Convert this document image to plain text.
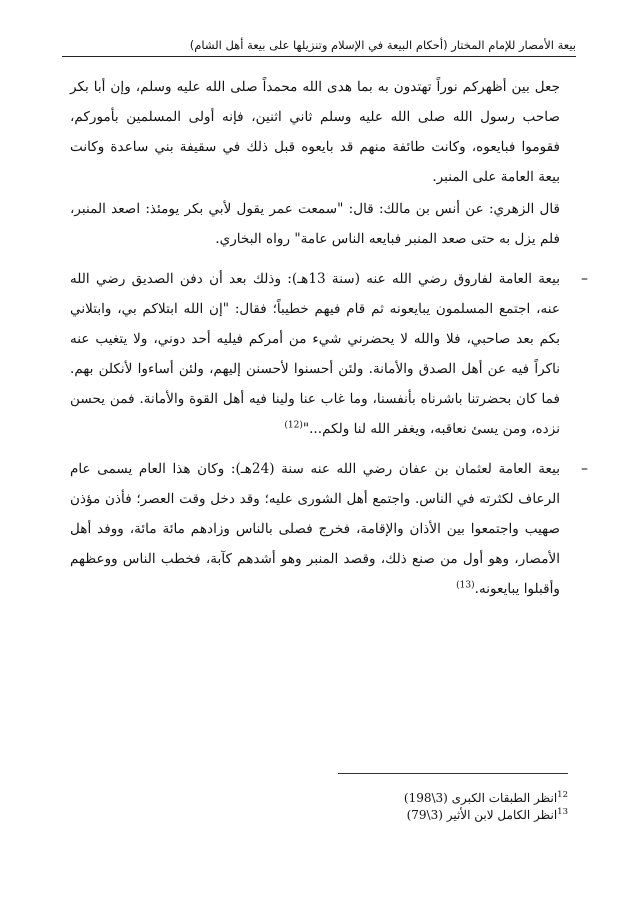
بيعة الأمصار للإمام المختار (أحكام البيعة في الإسلام وتنزيلها على بيعة أهل الشام)

جعل بين أظهركم نوراً تهتدون به بما هدى الله محمداً صلى الله عليه وسلم، وإن أبا بكر صاحب رسول الله صلى الله عليه وسلم ثاني اثنين، فإنه أولى المسلمين بأموركم، فقوموا فبايعوه، وكانت طائفة منهم قد بايعوه قبل ذلك في سقيفة بني ساعدة وكانت بيعة العامة على المنبر.

قال الزهري: عن أنس بن مالك: قال: "سمعت عمر يقول لأبي بكر يومئذ: اصعد المنبر، فلم يزل به حتى صعد المنبر فبايعه الناس عامة" رواه البخاري.

–
بيعة العامة لفاروق رضي الله عنه (سنة 13هـ): وذلك بعد أن دفن الصديق رضي الله عنه، اجتمع المسلمون يبايعونه ثم قام فيهم خطيباً؛ فقال: "إن الله ابتلاكم بي، وابتلاني بكم بعد صاحبي، فلا والله لا يحضرني شيء من أمركم فيليه أحد دوني، ولا يتغيب عنه ناكراً فيه عن أهل الصدق والأمانة. ولئن أحسنوا لأحسنن إليهم، ولئن أساءوا لأنكلن بهم. فما كان بحضرتنا باشرناه بأنفسنا، وما غاب عنا ولينا فيه أهل القوة والأمانة. فمن يحسن نزده، ومن يسئ نعاقبه، ويغفر الله لنا ولكم..."$^{(12)}$

–
بيعة العامة لعثمان بن عفان رضي الله عنه سنة (24هـ): وكان هذا العام يسمى عام الرعاف لكثرته في الناس. واجتمع أهل الشورى عليه؛ وقد دخل وقت العصر؛ فأذن مؤذن صهيب واجتمعوا بين الأذان والإقامة، فخرج فصلى بالناس وزادهم مائة مائة، ووفد أهل الأمصار، وهو أول من صنع ذلك، وقصد المنبر وهو أشدهم كآبة، فخطب الناس ووعظهم وأقبلوا يبايعونه.$^{(13)}$

$^{12}$انظر الطبقات الكبرى (3\198)

$^{13}$انظر الكامل لابن الأثير (3\79)
